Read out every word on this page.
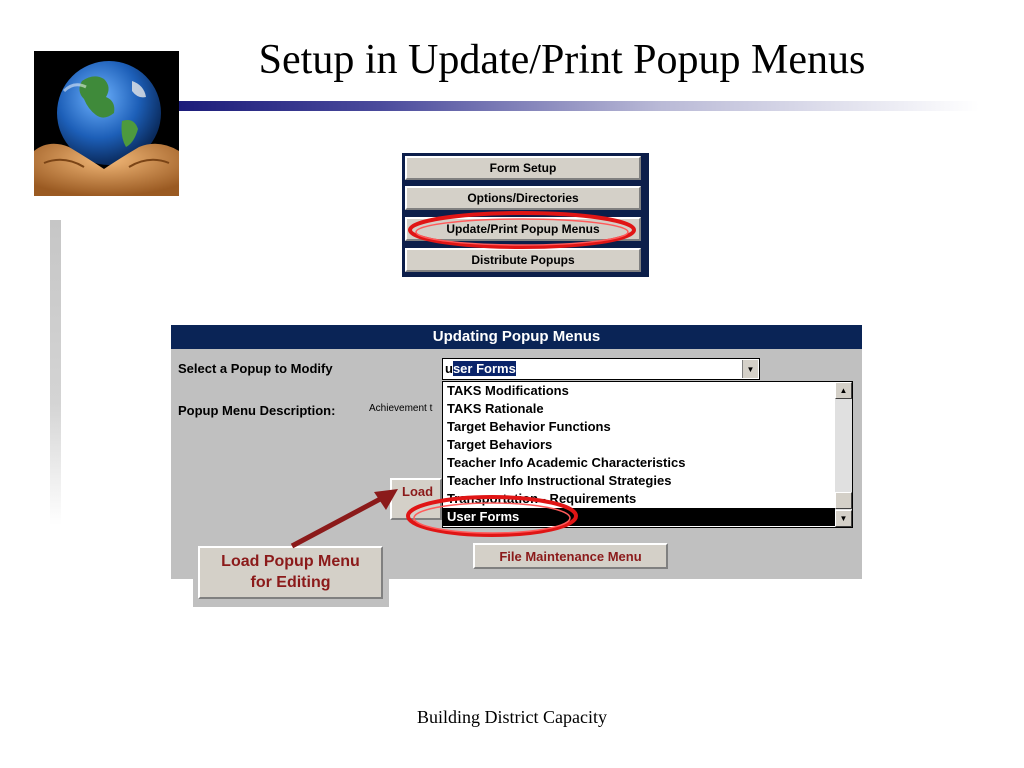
Setup in Update/Print Popup Menus
Form Setup
Options/Directories
Update/Print Popup Menus
Distribute Popups
Updating Popup Menus
Select a Popup to Modify
Popup Menu Description:	Achievement t
user Forms	▼
TAKS Modifications
TAKS Rationale
Target Behavior Functions
Target Behaviors
Teacher Info Academic Characteristics
Teacher Info Instructional Strategies
Transportation - Requirements
User Forms
▲
▼
Load
File Maintenance Menu
Load Popup Menu
for Editing
Building District Capacity
